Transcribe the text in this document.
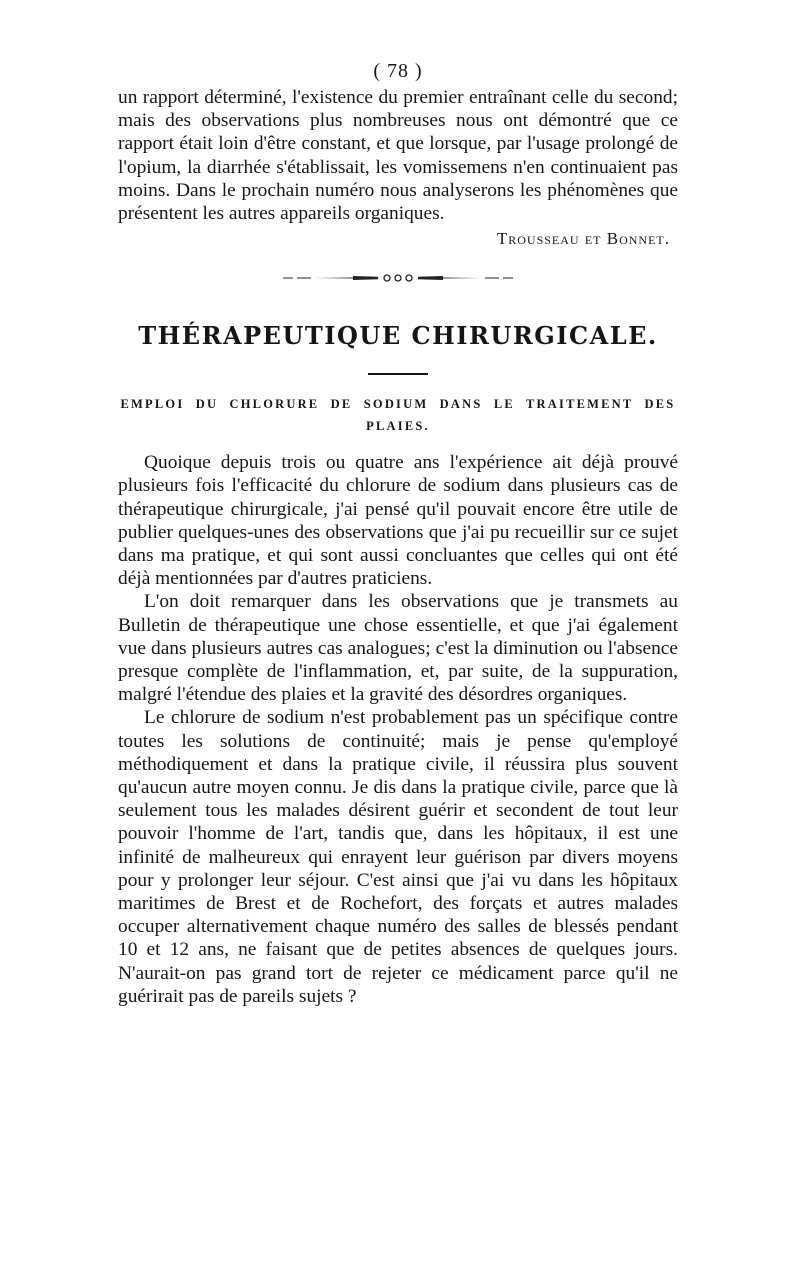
( 78 )

un rapport déterminé, l'existence du premier entraînant celle du second; mais des observations plus nombreuses nous ont démontré que ce rapport était loin d'être constant, et que lorsque, par l'usage prolongé de l'opium, la diarrhée s'établissait, les vomissemens n'en continuaient pas moins. Dans le prochain numéro nous analyserons les phénomènes que présentent les autres appareils organiques.

Trousseau et Bonnet.
THÉRAPEUTIQUE CHIRURGICALE.
EMPLOI DU CHLORURE DE SODIUM DANS LE TRAITEMENT DES PLAIES.

Quoique depuis trois ou quatre ans l'expérience ait déjà prouvé plusieurs fois l'efficacité du chlorure de sodium dans plusieurs cas de thérapeutique chirurgicale, j'ai pensé qu'il pouvait encore être utile de publier quelques-unes des observations que j'ai pu recueillir sur ce sujet dans ma pratique, et qui sont aussi concluantes que celles qui ont été déjà mentionnées par d'autres praticiens.

L'on doit remarquer dans les observations que je transmets au Bulletin de thérapeutique une chose essentielle, et que j'ai également vue dans plusieurs autres cas analogues; c'est la diminution ou l'absence presque complète de l'inflammation, et, par suite, de la suppuration, malgré l'étendue des plaies et la gravité des désordres organiques.

Le chlorure de sodium n'est probablement pas un spécifique contre toutes les solutions de continuité; mais je pense qu'employé méthodiquement et dans la pratique civile, il réussira plus souvent qu'aucun autre moyen connu. Je dis dans la pratique civile, parce que là seulement tous les malades désirent guérir et secondent de tout leur pouvoir l'homme de l'art, tandis que, dans les hôpitaux, il est une infinité de malheureux qui enrayent leur guérison par divers moyens pour y prolonger leur séjour. C'est ainsi que j'ai vu dans les hôpitaux maritimes de Brest et de Rochefort, des forçats et autres malades occuper alternativement chaque numéro des salles de blessés pendant 10 et 12 ans, ne faisant que de petites absences de quelques jours. N'aurait-on pas grand tort de rejeter ce médicament parce qu'il ne guérirait pas de pareils sujets ?
